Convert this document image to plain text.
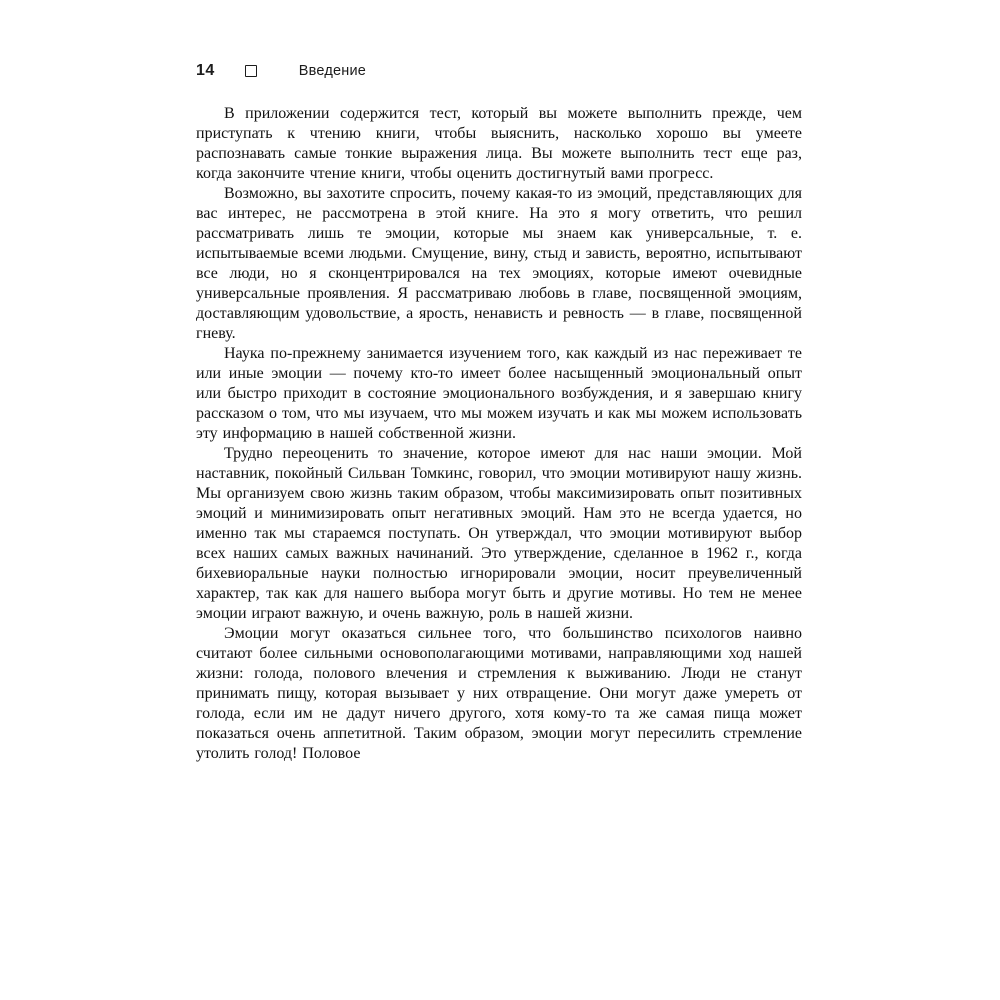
14	Введение

В приложении содержится тест, который вы можете выполнить прежде, чем приступать к чтению книги, чтобы выяснить, насколько хорошо вы умеете распознавать самые тонкие выражения лица. Вы можете выполнить тест еще раз, когда закончите чтение книги, чтобы оценить достигнутый вами прогресс.

Возможно, вы захотите спросить, почему какая-то из эмоций, представляющих для вас интерес, не рассмотрена в этой книге. На это я могу ответить, что решил рассматривать лишь те эмоции, которые мы знаем как универсальные, т. е. испытываемые всеми людьми. Смущение, вину, стыд и зависть, вероятно, испытывают все люди, но я сконцентрировался на тех эмоциях, которые имеют очевидные универсальные проявления. Я рассматриваю любовь в главе, посвященной эмоциям, доставляющим удовольствие, а ярость, ненависть и ревность — в главе, посвященной гневу.

Наука по-прежнему занимается изучением того, как каждый из нас переживает те или иные эмоции — почему кто-то имеет более насыщенный эмоциональный опыт или быстро приходит в состояние эмоционального возбуждения, и я завершаю книгу рассказом о том, что мы изучаем, что мы можем изучать и как мы можем использовать эту информацию в нашей собственной жизни.

Трудно переоценить то значение, которое имеют для нас наши эмоции. Мой наставник, покойный Сильван Томкинс, говорил, что эмоции мотивируют нашу жизнь. Мы организуем свою жизнь таким образом, чтобы максимизировать опыт позитивных эмоций и минимизировать опыт негативных эмоций. Нам это не всегда удается, но именно так мы стараемся поступать. Он утверждал, что эмоции мотивируют выбор всех наших самых важных начинаний. Это утверждение, сделанное в 1962 г., когда бихевиоральные науки полностью игнорировали эмоции, носит преувеличенный характер, так как для нашего выбора могут быть и другие мотивы. Но тем не менее эмоции играют важную, и очень важную, роль в нашей жизни.

Эмоции могут оказаться сильнее того, что большинство психологов наивно считают более сильными основополагающими мотивами, направляющими ход нашей жизни: голода, полового влечения и стремления к выживанию. Люди не станут принимать пищу, которая вызывает у них отвращение. Они могут даже умереть от голода, если им не дадут ничего другого, хотя кому-то та же самая пища может показаться очень аппетитной. Таким образом, эмоции могут пересилить стремление утолить голод! Половое
